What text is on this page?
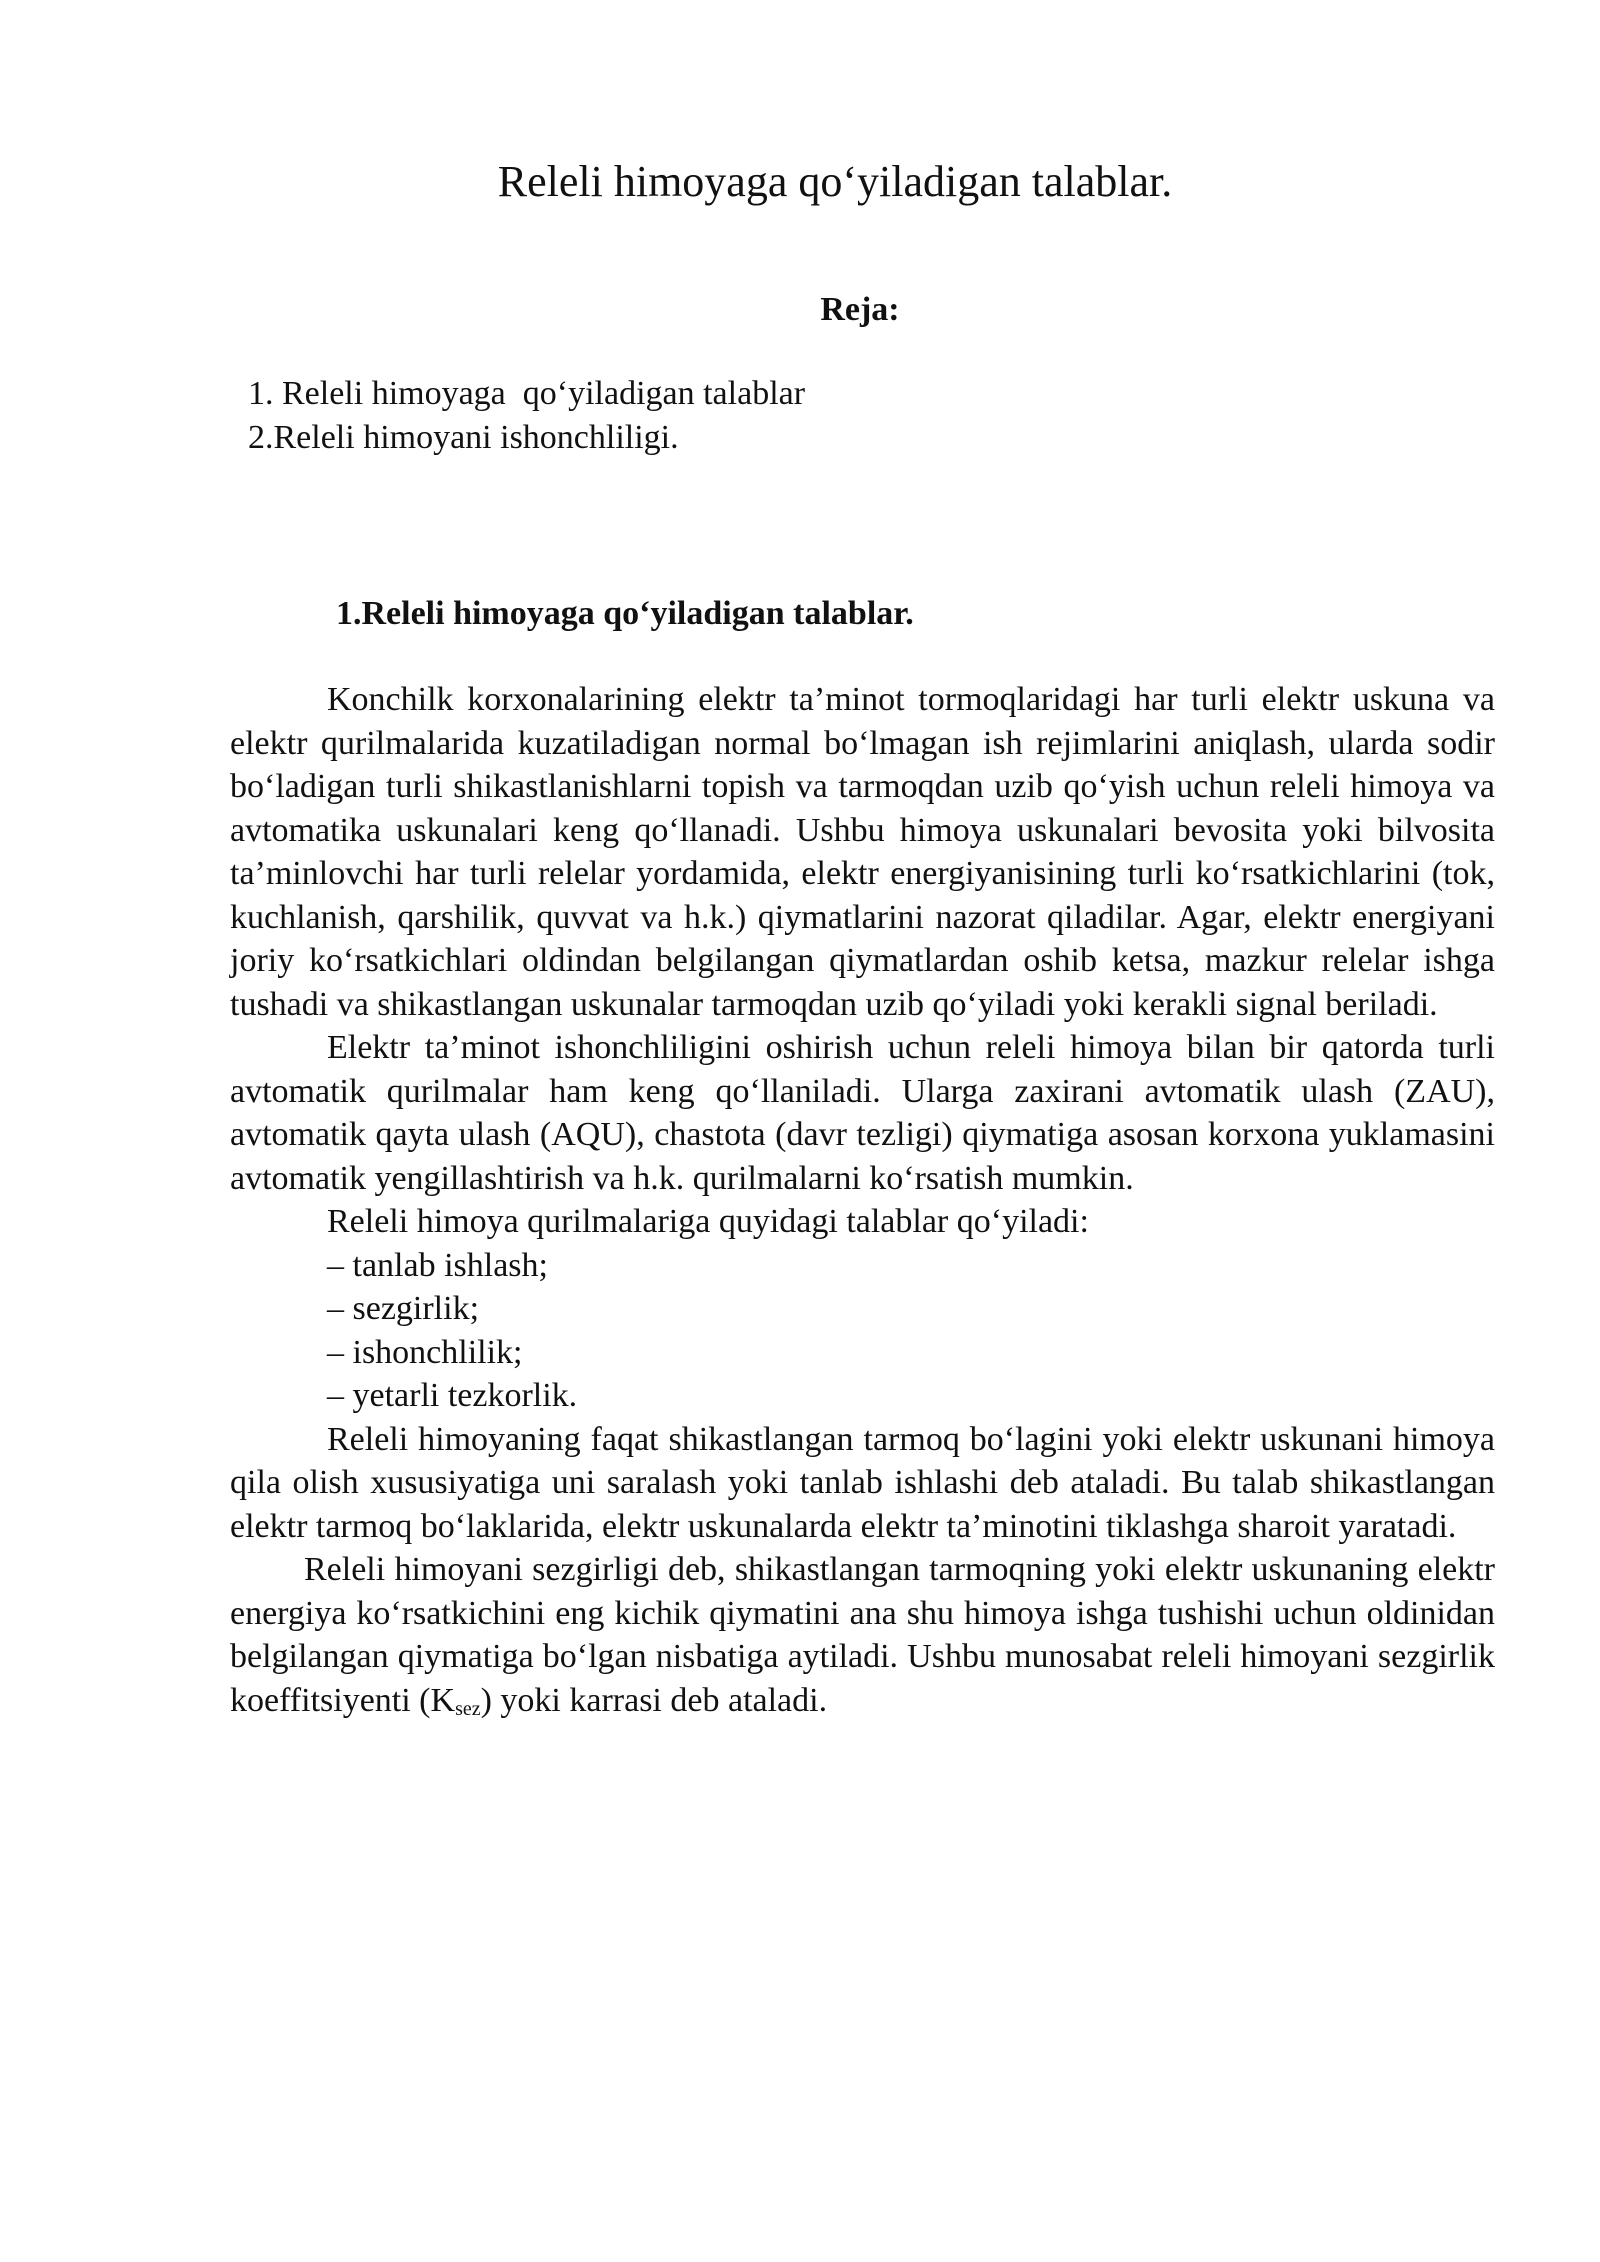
Releli himoyaga qo‘yiladigan talablar.
Reja:
1. Releli himoyaga  qo‘yiladigan talablar
2.Releli himoyani ishonchliligi.
1.Releli himoyaga qo‘yiladigan talablar.

Konchilk korxonalarining elektr ta’minot tormoqlaridagi har turli elektr uskuna va elektr qurilmalarida kuzatiladigan normal bo‘lmagan ish rejimlarini aniqlash, ularda sodir bo‘ladigan turli shikastlanishlarni topish va tarmoqdan uzib qo‘yish uchun releli himoya va avtomatika uskunalari keng qo‘llanadi. Ushbu himoya uskunalari bevosita yoki bilvosita ta’minlovchi har turli relelar yordamida, elektr energiyanisining turli ko‘rsatkichlarini (tok, kuchlanish, qarshilik, quvvat va h.k.) qiymatlarini nazorat qiladilar. Agar, elektr energiyani joriy ko‘rsatkichlari oldindan belgilangan qiymatlardan oshib ketsa, mazkur relelar ishga tushadi va shikastlangan uskunalar tarmoqdan uzib qo‘yiladi yoki kerakli signal beriladi.

Elektr ta’minot ishonchliligini oshirish uchun releli himoya bilan bir qatorda turli avtomatik qurilmalar ham keng qo‘llaniladi. Ularga zaxirani avtomatik ulash (ZAU), avtomatik qayta ulash (AQU), chastota (davr tezligi) qiymatiga asosan korxona yuklamasini avtomatik yengillashtirish va h.k. qurilmalarni ko‘rsatish mumkin.

Releli himoya qurilmalariga quyidagi talablar qo‘yiladi:

– tanlab ishlash;

– sezgirlik;

– ishonchlilik;

– yetarli tezkorlik.

Releli himoyaning faqat shikastlangan tarmoq bo‘lagini yoki elektr uskunani himoya qila olish xususiyatiga uni saralash yoki tanlab ishlashi deb ataladi. Bu talab shikastlangan elektr tarmoq bo‘laklarida, elektr uskunalarda elektr ta’minotini tiklashga sharoit yaratadi.

Releli himoyani sezgirligi deb, shikastlangan tarmoqning yoki elektr uskunaning elektr energiya ko‘rsatkichini eng kichik qiymatini ana shu himoya ishga tushishi uchun oldinidan belgilangan qiymatiga bo‘lgan nisbatiga aytiladi. Ushbu munosabat releli himoyani sezgirlik koeffitsiyenti $(K_{sez})$ yoki karrasi deb ataladi.
